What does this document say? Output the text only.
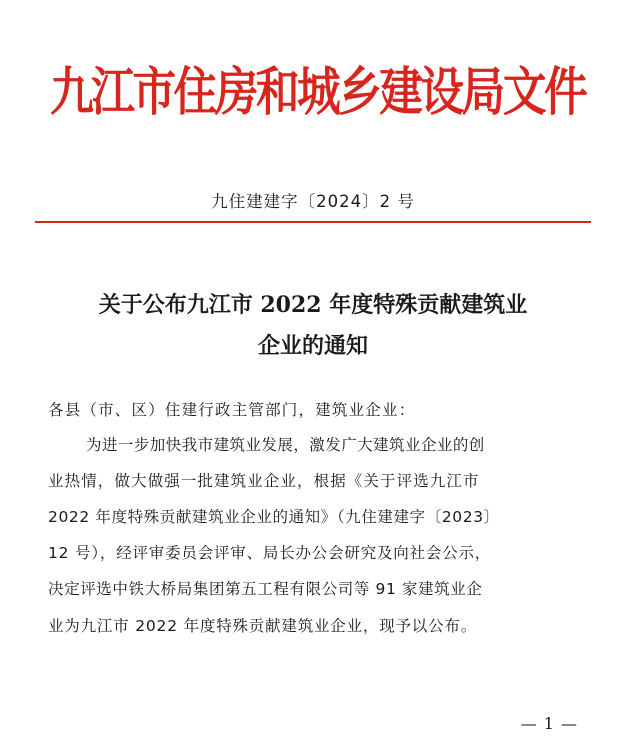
九江市住房和城乡建设局文件
九住建建字〔2024〕2 号
关于公布九江市 2022 年度特殊贡献建筑业
企业的通知
各县（市、区）住建行政主管部门，建筑业企业：
为进一步加快我市建筑业发展，激发广大建筑业企业的创
业热情，做大做强一批建筑业企业，根据《关于评选九江市
2022 年度特殊贡献建筑业企业的通知》（九住建建字〔2023〕
12 号），经评审委员会评审、局长办公会研究及向社会公示，
决定评选中铁大桥局集团第五工程有限公司等 91 家建筑业企
业为九江市 2022 年度特殊贡献建筑业企业，现予以公布。
— 1 —
